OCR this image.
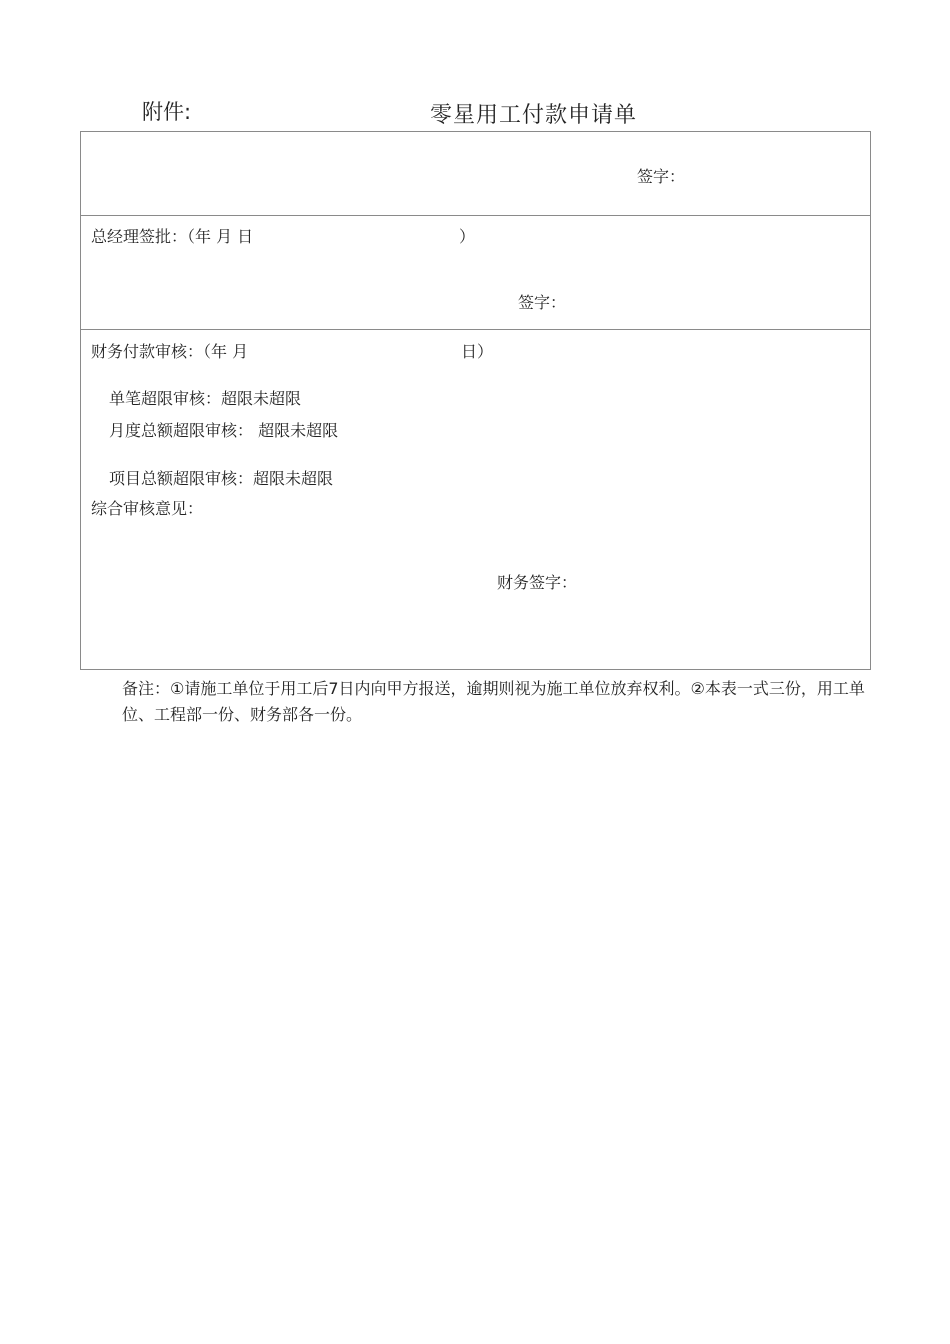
附件:	零星用工付款申请单
签字：
总经理签批：（年 月 日	）
签字：
财务付款审核：（年 月	日）
单笔超限审核：超限未超限
月度总额超限审核： 超限未超限
项目总额超限审核：超限未超限
综合审核意见：
财务签字：
备注：①请施工单位于用工后7日内向甲方报送，逾期则视为施工单位放弃权利。②本表一式三份，用工单位、工程部一份、财务部各一份。
